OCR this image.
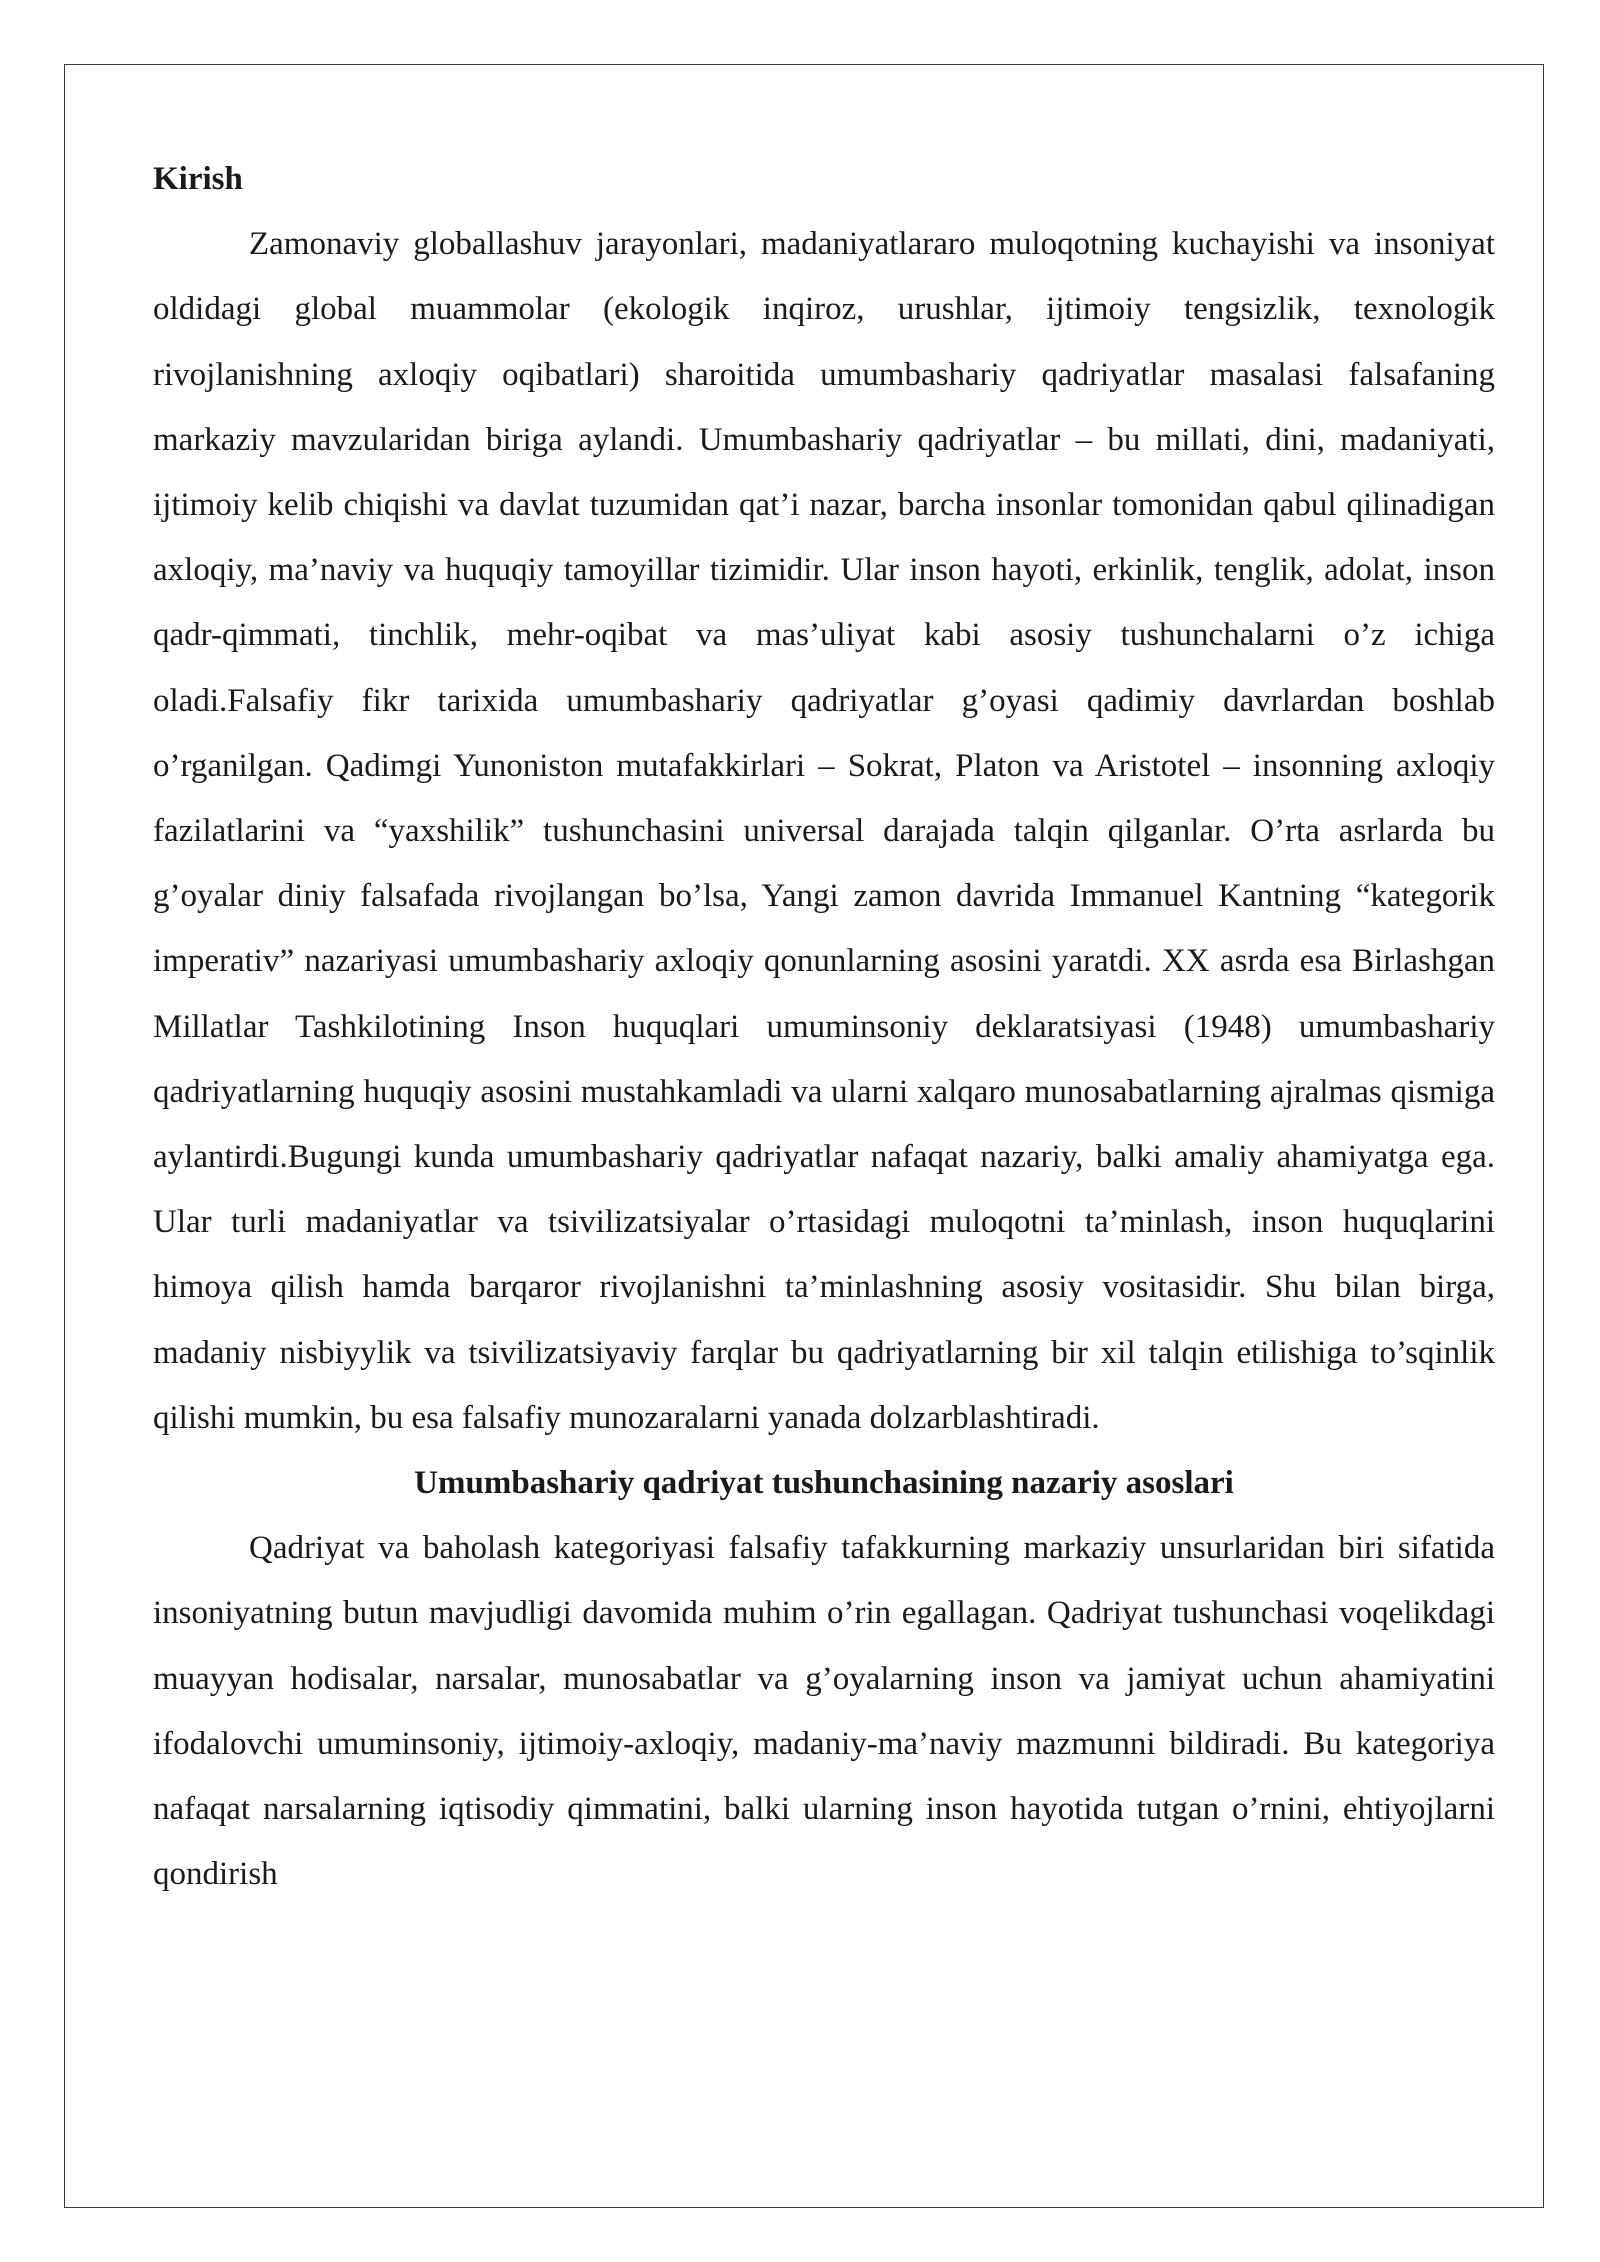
Kirish

Zamonaviy globallashuv jarayonlari, madaniyatlararo muloqotning kuchayishi va insoniyat oldidagi global muammolar (ekologik inqiroz, urushlar, ijtimoiy tengsizlik, texnologik rivojlanishning axloqiy oqibatlari) sharoitida umumbashariy qadriyatlar masalasi falsafaning markaziy mavzularidan biriga aylandi. Umumbashariy qadriyatlar – bu millati, dini, madaniyati, ijtimoiy kelib chiqishi va davlat tuzumidan qat’i nazar, barcha insonlar tomonidan qabul qilinadigan axloqiy, ma’naviy va huquqiy tamoyillar tizimidir. Ular inson hayoti, erkinlik, tenglik, adolat, inson qadr-qimmati, tinchlik, mehr-oqibat va mas’uliyat kabi asosiy tushunchalarni o’z ichiga oladi.Falsafiy fikr tarixida umumbashariy qadriyatlar g’oyasi qadimiy davrlardan boshlab o’rganilgan. Qadimgi Yunoniston mutafakkirlari – Sokrat, Platon va Aristotel – insonning axloqiy fazilatlarini va “yaxshilik” tushunchasini universal darajada talqin qilganlar. O’rta asrlarda bu g’oyalar diniy falsafada rivojlangan bo’lsa, Yangi zamon davrida Immanuel Kantning “kategorik imperativ” nazariyasi umumbashariy axloqiy qonunlarning asosini yaratdi. XX asrda esa Birlashgan Millatlar Tashkilotining Inson huquqlari umuminsoniy deklaratsiyasi (1948) umumbashariy qadriyatlarning huquqiy asosini mustahkamladi va ularni xalqaro munosabatlarning ajralmas qismiga aylantirdi.Bugungi kunda umumbashariy qadriyatlar nafaqat nazariy, balki amaliy ahamiyatga ega. Ular turli madaniyatlar va tsivilizatsiyalar o’rtasidagi muloqotni ta’minlash, inson huquqlarini himoya qilish hamda barqaror rivojlanishni ta’minlashning asosiy vositasidir. Shu bilan birga, madaniy nisbiyylik va tsivilizatsiyaviy farqlar bu qadriyatlarning bir xil talqin etilishiga to’sqinlik qilishi mumkin, bu esa falsafiy munozaralarni yanada dolzarblashtiradi.

Umumbashariy qadriyat tushunchasining nazariy asoslari

Qadriyat va baholash kategoriyasi falsafiy tafakkurning markaziy unsurlaridan biri sifatida insoniyatning butun mavjudligi davomida muhim o’rin egallagan. Qadriyat tushunchasi voqelikdagi muayyan hodisalar, narsalar, munosabatlar va g’oyalarning inson va jamiyat uchun ahamiyatini ifodalovchi umuminsoniy, ijtimoiy-axloqiy, madaniy-ma’naviy mazmunni bildiradi. Bu kategoriya nafaqat narsalarning iqtisodiy qimmatini, balki ularning inson hayotida tutgan o’rnini, ehtiyojlarni qondirish
